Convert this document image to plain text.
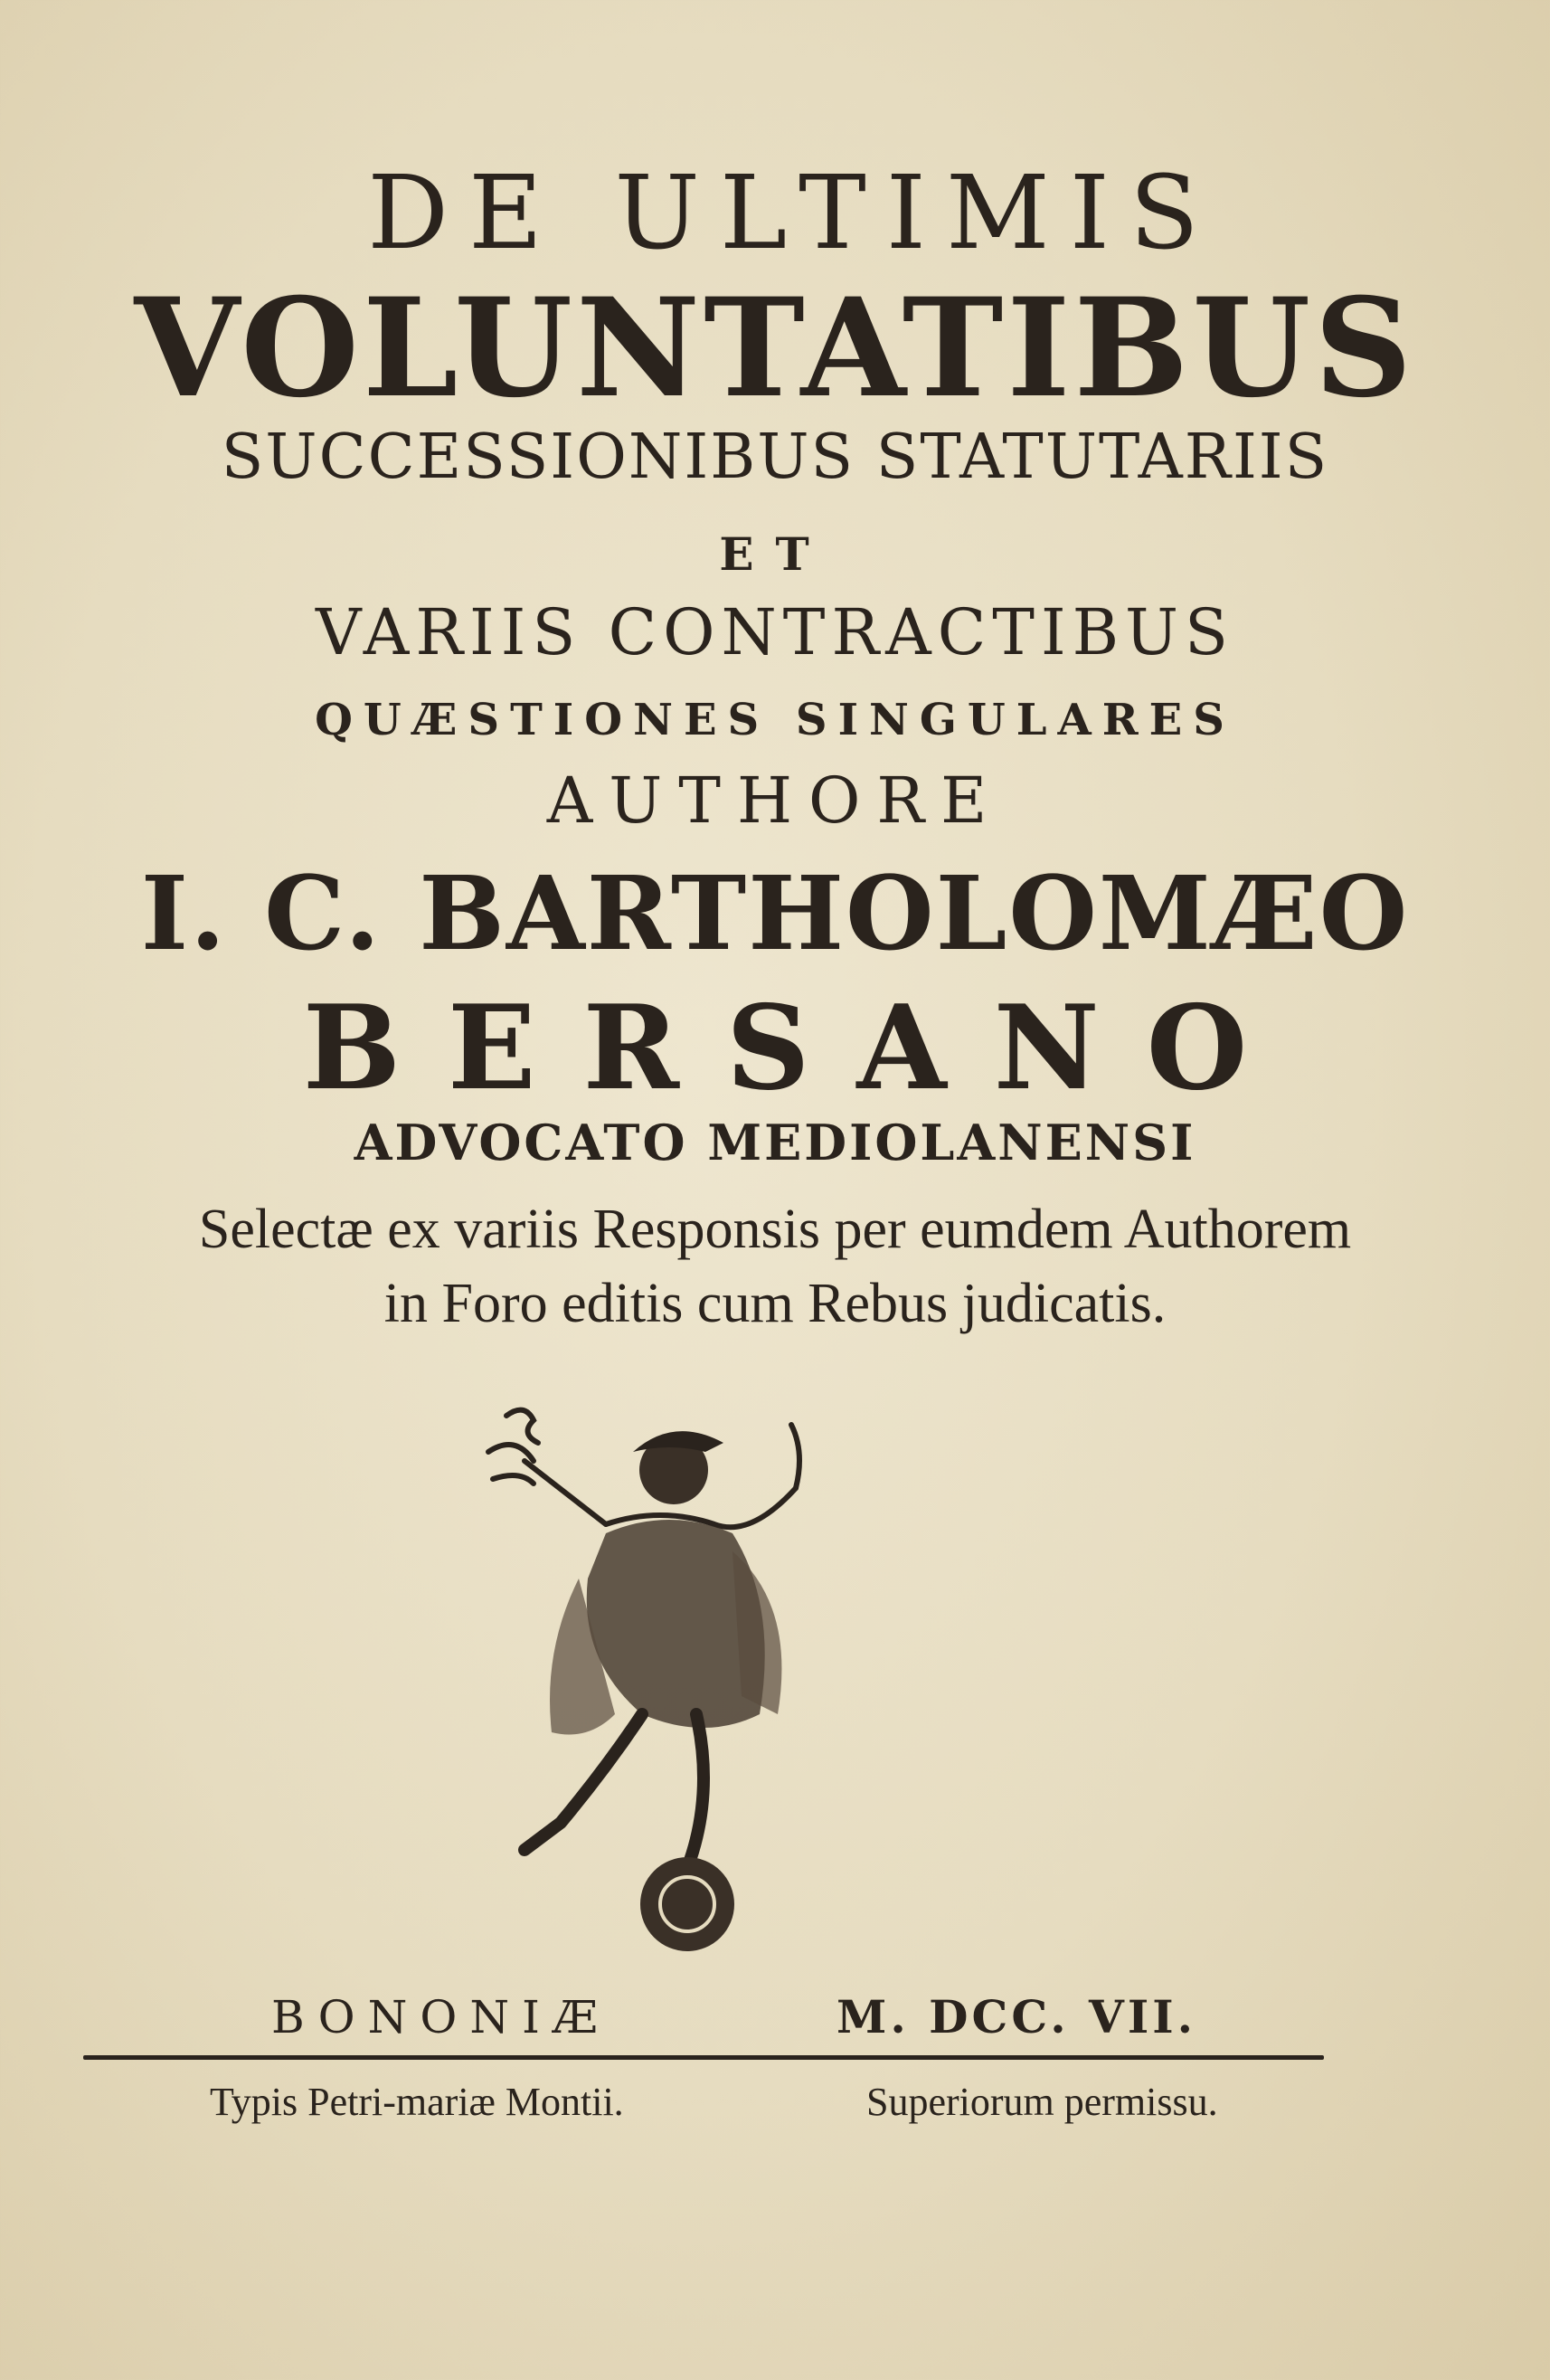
DE ULTIMIS
VOLUNTATIBUS
SUCCESSIONIBUS STATUTARIIS
ET
VARIIS CONTRACTIBUS
QUÆSTIONES SINGULARES
AUTHORE
I. C. BARTHOLOMÆO
BERSANO
ADVOCATO MEDIOLANENSI
Selectæ ex variis Responsis per eumdem Authorem
in Foro editis cum Rebus judicatis.
BONONIÆ	M. DCC. VII.
Typis Petri-mariæ Montii.	Superiorum permissu.
